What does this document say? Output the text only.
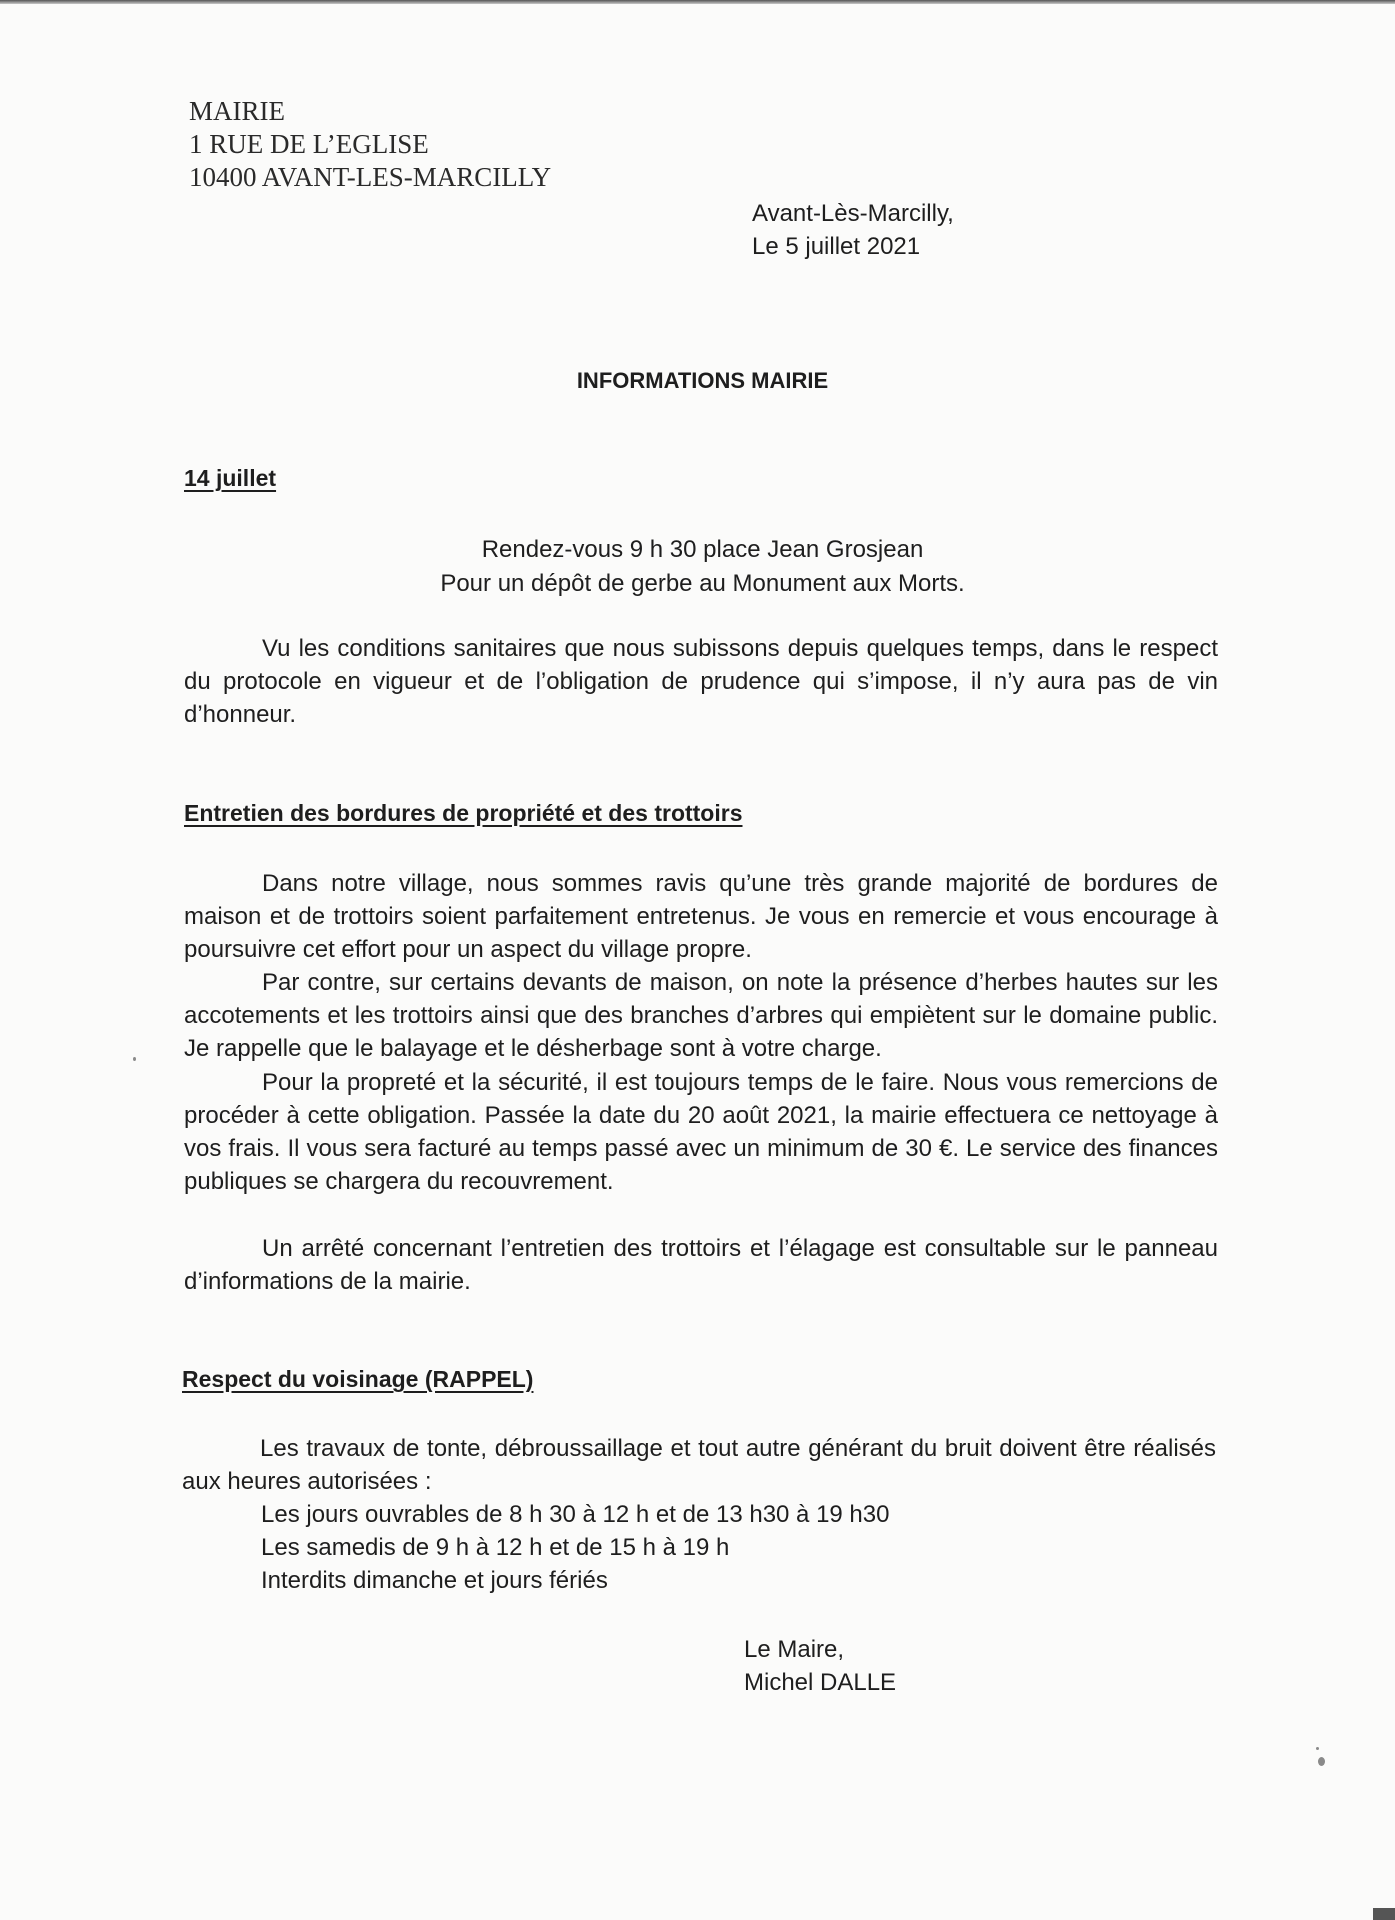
MAIRIE
1 RUE DE L’EGLISE
10400 AVANT-LES-MARCILLY
Avant-Lès-Marcilly,
Le 5 juillet 2021
INFORMATIONS MAIRIE
14 juillet
Rendez-vous 9 h 30 place Jean Grosjean
Pour un dépôt de gerbe au Monument aux Morts.

Vu les conditions sanitaires que nous subissons depuis quelques temps, dans le respect du protocole en vigueur et de l’obligation de prudence qui s’impose, il n’y aura pas de vin d’honneur.

Entretien des bordures de propriété et des trottoirs

Dans notre village, nous sommes ravis qu’une très grande majorité de bordures de maison et de trottoirs soient parfaitement entretenus. Je vous en remercie et vous encourage à poursuivre cet effort pour un aspect du village propre.

Par contre, sur certains devants de maison, on note la présence d’herbes hautes sur les accotements et les trottoirs ainsi que des branches d’arbres qui empiètent sur le domaine public. Je rappelle que le balayage et le désherbage sont à votre charge.

Pour la propreté et la sécurité, il est toujours temps de le faire. Nous vous remercions de procéder à cette obligation. Passée la date du 20 août 2021, la mairie effectuera ce nettoyage à vos frais. Il vous sera facturé au temps passé avec un minimum de 30 €. Le service des finances publiques se chargera du recouvrement.

Un arrêté concernant l’entretien des trottoirs et l’élagage est consultable sur le panneau d’informations de la mairie.

Respect du voisinage (RAPPEL)

Les travaux de tonte, débroussaillage et tout autre générant du bruit doivent être réalisés aux heures autorisées :

Les jours ouvrables de 8 h 30 à 12 h et de 13 h30 à 19 h30
Les samedis de 9 h à 12 h et de 15 h à 19 h
Interdits dimanche et jours fériés
Le Maire,
Michel DALLE
